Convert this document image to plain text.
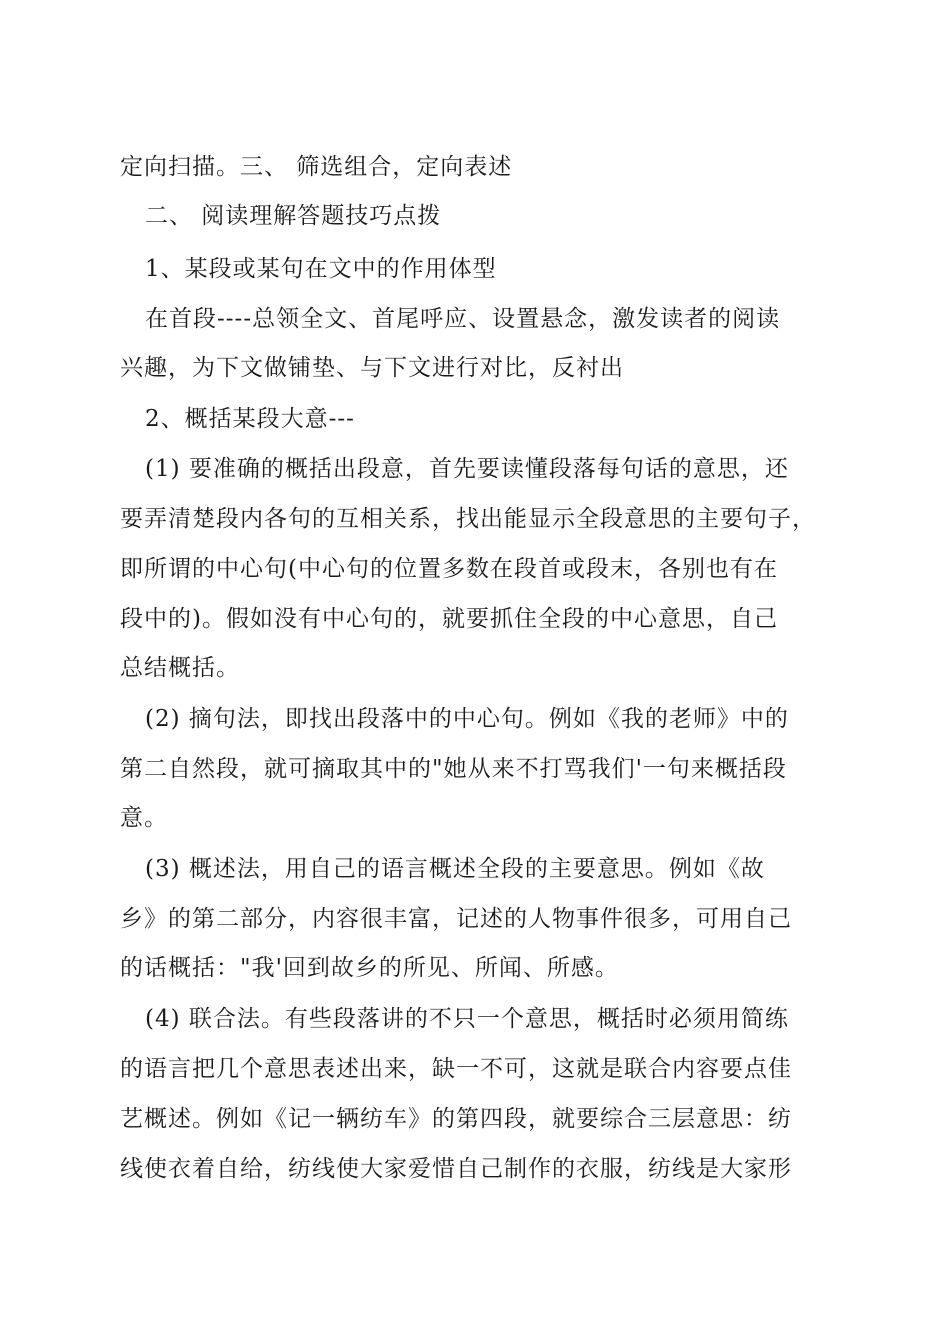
定向扫描。三、 筛选组合，定向表述
二、 阅读理解答题技巧点拨
1、某段或某句在文中的作用体型
在首段----总领全文、首尾呼应、设置悬念，激发读者的阅读
兴趣，为下文做铺垫、与下文进行对比，反衬出
2、概括某段大意---
(1) 要准确的概括出段意，首先要读懂段落每句话的意思，还
要弄清楚段内各句的互相关系，找出能显示全段意思的主要句子，
即所谓的中心句(中心句的位置多数在段首或段末，各别也有在
段中的)。假如没有中心句的，就要抓住全段的中心意思，自己
总结概括。
(2) 摘句法，即找出段落中的中心句。例如《我的老师》中的
第二自然段，就可摘取其中的"她从来不打骂我们'一句来概括段
意。
(3) 概述法，用自己的语言概述全段的主要意思。例如《故
乡》的第二部分，内容很丰富，记述的人物事件很多，可用自己
的话概括："我'回到故乡的所见、所闻、所感。
(4) 联合法。有些段落讲的不只一个意思，概括时必须用简练
的语言把几个意思表述出来，缺一不可，这就是联合内容要点佳
艺概述。例如《记一辆纺车》的第四段，就要综合三层意思：纺
线使衣着自给，纺线使大家爱惜自己制作的衣服，纺线是大家形
